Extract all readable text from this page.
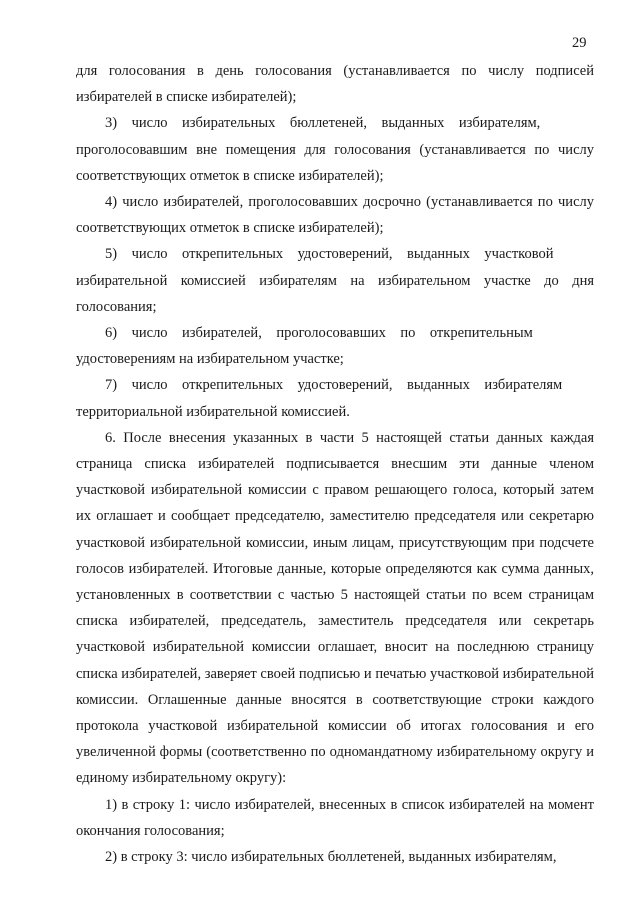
29

для голосования в день голосования (устанавливается по числу подписей избирателей в списке избирателей);

3) число избирательных бюллетеней, выданных избирателям, проголосовавшим вне помещения для голосования (устанавливается по числу соответствующих отметок в списке избирателей);

4) число избирателей, проголосовавших досрочно (устанавливается по числу соответствующих отметок в списке избирателей);

5) число открепительных удостоверений, выданных участковой избирательной комиссией избирателям на избирательном участке до дня голосования;

6) число избирателей, проголосовавших по открепительным удостоверениям на избирательном участке;

7) число открепительных удостоверений, выданных избирателям территориальной избирательной комиссией.

6. После внесения указанных в части 5 настоящей статьи данных каждая страница списка избирателей подписывается внесшим эти данные членом участковой избирательной комиссии с правом решающего голоса, который затем их оглашает и сообщает председателю, заместителю председателя или секретарю участковой избирательной комиссии, иным лицам, присутствующим при подсчете голосов избирателей. Итоговые данные, которые определяются как сумма данных, установленных в соответствии с частью 5 настоящей статьи по всем страницам списка избирателей, председатель, заместитель председателя или секретарь участковой избирательной комиссии оглашает, вносит на последнюю страницу списка избирателей, заверяет своей подписью и печатью участковой избирательной комиссии. Оглашенные данные вносятся в соответствующие строки каждого протокола участковой избирательной комиссии об итогах голосования и его увеличенной формы (соответственно по одномандатному избирательному округу и единому избирательному округу):

1) в строку 1: число избирателей, внесенных в список избирателей на момент окончания голосования;

2) в строку 3: число избирательных бюллетеней, выданных избирателям,
